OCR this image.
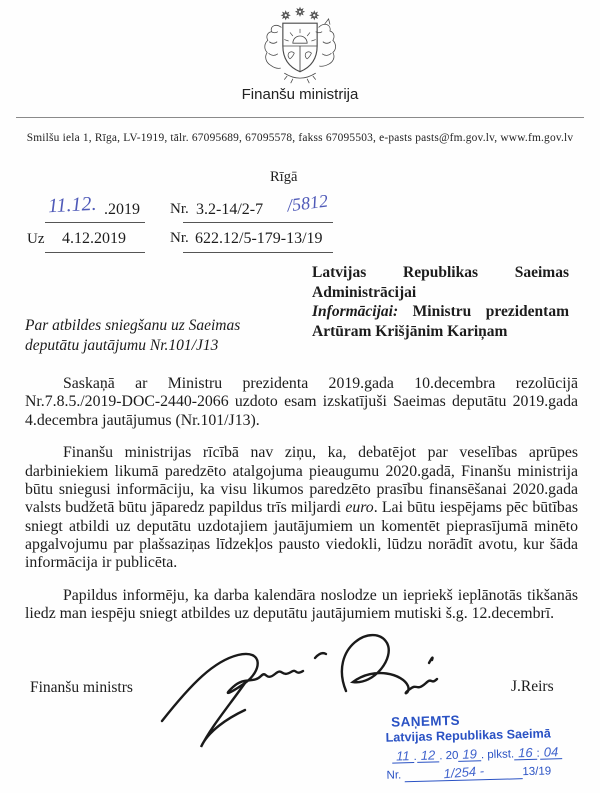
Finanšu ministrija
Smilšu iela 1, Rīga, LV-1919, tālr. 67095689, 67095578, fakss 67095503, e-pasts pasts@fm.gov.lv, www.fm.gov.lv
Rīgā
11.12. .2019 Nr. 3.2-14/2-7 /5812
Uz 4.12.2019	Nr. 622.12/5-179-13/19
Latvijas Republikas Saeimas
Administrācijai
Informācijai: Ministru prezidentam
Artūram Krišjānim Kariņam
Par atbildes sniegšanu uz Saeimas
deputātu jautājumu Nr.101/J13

Saskaņā ar Ministru prezidenta 2019.gada 10.decembra rezolūcijā Nr.7.8.5./2019-DOC-2440-2066 uzdoto esam izskatījuši Saeimas deputātu 2019.gada 4.decembra jautājumus (Nr.101/J13).

Finanšu ministrijas rīcībā nav ziņu, ka, debatējot par veselības aprūpes darbiniekiem likumā paredzēto atalgojuma pieaugumu 2020.gadā, Finanšu ministrija būtu sniegusi informāciju, ka visu likumos paredzēto prasību finansēšanai 2020.gada valsts budžetā būtu jāparedz papildus trīs miljardi euro. Lai būtu iespējams pēc būtības sniegt atbildi uz deputātu uzdotajiem jautājumiem un komentēt pieprasījumā minēto apgalvojumu par plašsaziņas līdzekļos pausto viedokli, lūdzu norādīt avotu, kur šāda informācija ir publicēta.

Papildus informēju, ka darba kalendāra noslodze un iepriekš ieplānotās tikšanās liedz man iespēju sniegt atbildes uz deputātu jautājumiem mutiski š.g. 12.decembrī.

Finanšu ministrs	J.Reirs
SAŅEMTS
Latvijas Republikas Saeimā
11 . 12 . 20 19 . plkst. 16 : 04
Nr.	1/254 -	13/19
